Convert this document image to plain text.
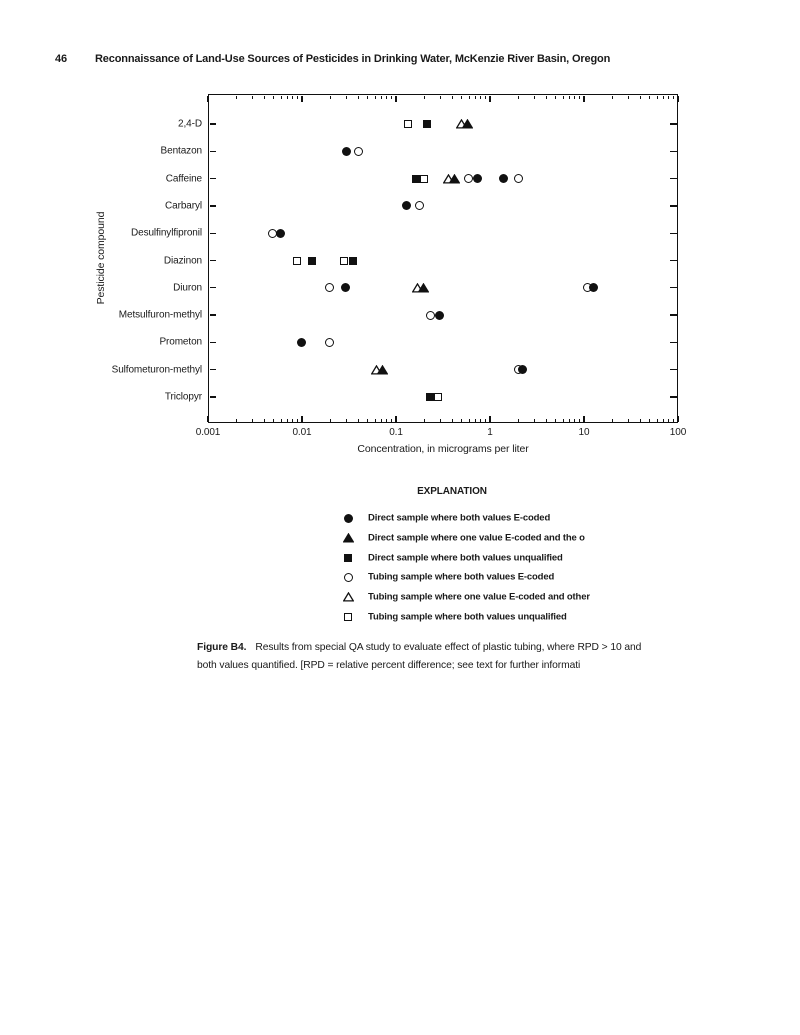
46	Reconnaissance of Land-Use Sources of Pesticides in Drinking Water, McKenzie River Basin, Oregon
0.001	0.01	0.1	1	10	100
2,4-D
Bentazon
Caffeine
Carbaryl
Desulfinylfipronil
Diazinon
Diuron
Metsulfuron-methyl
Prometon
Sulfometuron-methyl
Triclopyr
Pesticide compound
Concentration, in micrograms per liter
EXPLANATION
Direct sample where both values E-coded
Direct sample where one value E-coded and the o
Direct sample where both values unqualified
Tubing sample where both values E-coded
Tubing sample where one value E-coded and other
Tubing sample where both values unqualified
Figure B4. Results from special QA study to evaluate effect of plastic tubing, where RPD > 10 and both values quantified. [RPD = relative percent difference; see text for further informati
